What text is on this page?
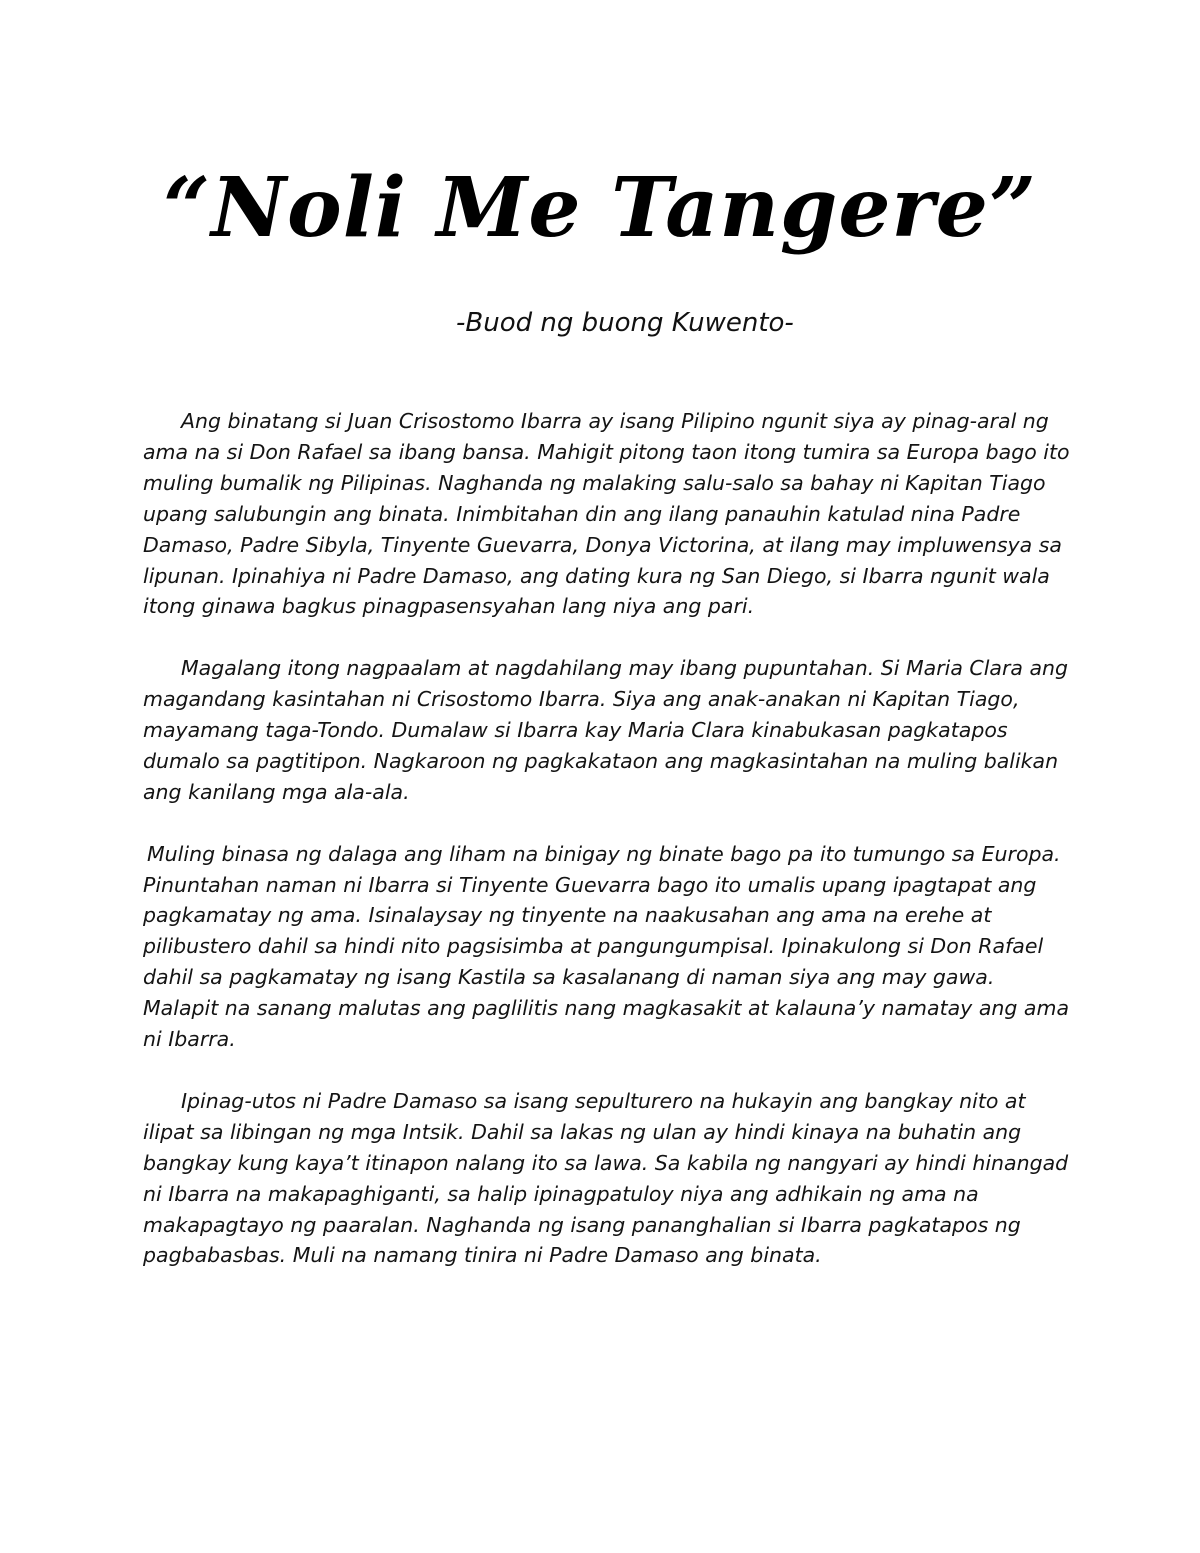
“Noli Me Tangere”
-Buod ng buong Kuwento-

Ang binatang si Juan Crisostomo Ibarra ay isang Pilipino ngunit siya ay pinag-aral ng ama na si Don Rafael sa ibang bansa. Mahigit pitong taon itong tumira sa Europa bago ito muling bumalik ng Pilipinas. Naghanda ng malaking salu-salo sa bahay ni Kapitan Tiago upang salubungin ang binata. Inimbitahan din ang ilang panauhin katulad nina Padre Damaso, Padre Sibyla, Tinyente Guevarra, Donya Victorina, at ilang may impluwensya sa lipunan. Ipinahiya ni Padre Damaso, ang dating kura ng San Diego, si Ibarra ngunit wala itong ginawa bagkus pinagpasensyahan lang niya ang pari.

Magalang itong nagpaalam at nagdahilang may ibang pupuntahan. Si Maria Clara ang magandang kasintahan ni Crisostomo Ibarra. Siya ang anak-anakan ni Kapitan Tiago, mayamang taga-Tondo. Dumalaw si Ibarra kay Maria Clara kinabukasan pagkatapos dumalo sa pagtitipon. Nagkaroon ng pagkakataon ang magkasintahan na muling balikan ang kanilang mga ala-ala.

Muling binasa ng dalaga ang liham na binigay ng binate bago pa ito tumungo sa Europa. Pinuntahan naman ni Ibarra si Tinyente Guevarra bago ito umalis upang ipagtapat ang pagkamatay ng ama. Isinalaysay ng tinyente na naakusahan ang ama na erehe at pilibustero dahil sa hindi nito pagsisimba at pangungumpisal. Ipinakulong si Don Rafael dahil sa pagkamatay ng isang Kastila sa kasalanang di naman siya ang may gawa. Malapit na sanang malutas ang paglilitis nang magkasakit at kalauna’y namatay ang ama ni Ibarra.

Ipinag-utos ni Padre Damaso sa isang sepulturero na hukayin ang bangkay nito at ilipat sa libingan ng mga Intsik. Dahil sa lakas ng ulan ay hindi kinaya na buhatin ang bangkay kung kaya’t itinapon nalang ito sa lawa. Sa kabila ng nangyari ay hindi hinangad ni Ibarra na makapaghiganti, sa halip ipinagpatuloy niya ang adhikain ng ama na makapagtayo ng paaralan. Naghanda ng isang pananghalian si Ibarra pagkatapos ng pagbabasbas. Muli na namang tinira ni Padre Damaso ang binata.
